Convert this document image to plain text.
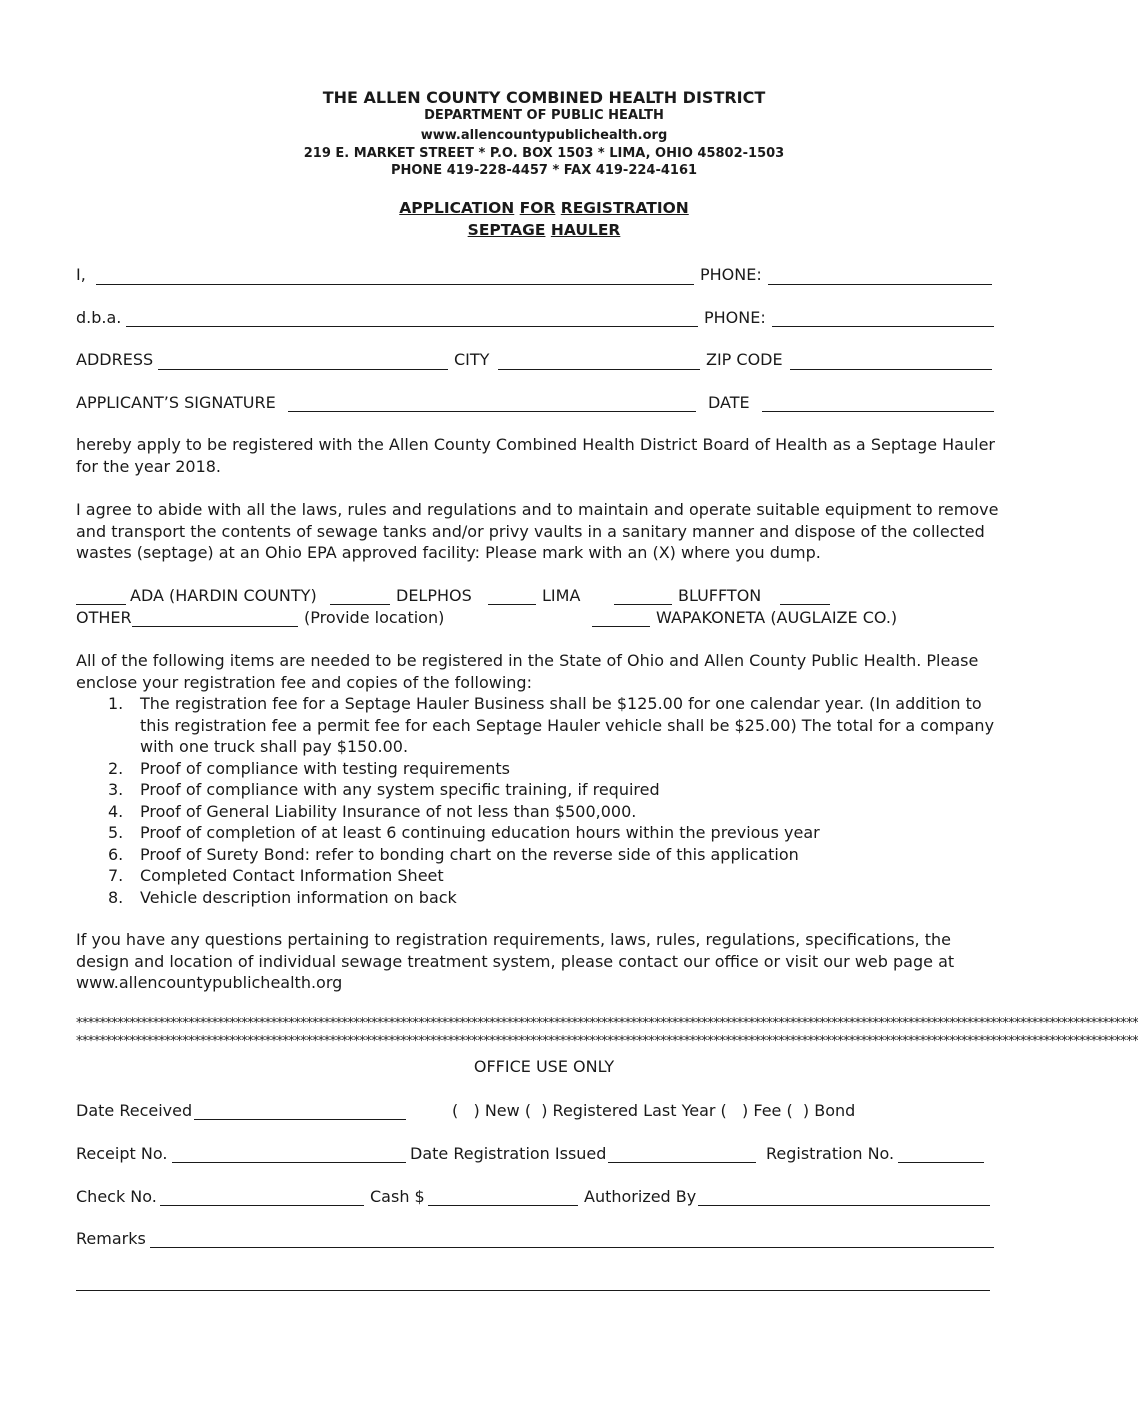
THE ALLEN COUNTY COMBINED HEALTH DISTRICT
DEPARTMENT OF PUBLIC HEALTH
www.allencountypublichealth.org
219 E. MARKET STREET * P.O. BOX 1503 * LIMA, OHIO 45802-1503
PHONE 419-228-4457 * FAX 419-224-4161
APPLICATION FOR REGISTRATION
SEPTAGE HAULER
I,	PHONE:
d.b.a.	PHONE:
ADDRESS	CITY	ZIP CODE
APPLICANT’S SIGNATURE	DATE
hereby apply to be registered with the Allen County Combined Health District Board of Health as a Septage Hauler for the year 2018.
I agree to abide with all the laws, rules and regulations and to maintain and operate suitable equipment to remove and transport the contents of sewage tanks and/or privy vaults in a sanitary manner and dispose of the collected wastes (septage) at an Ohio EPA approved facility: Please mark with an (X) where you dump.
ADA (HARDIN COUNTY)	DELPHOS	LIMA	BLUFFTON
OTHER	(Provide location)	WAPAKONETA (AUGLAIZE CO.)
All of the following items are needed to be registered in the State of Ohio and Allen County Public Health. Please enclose your registration fee and copies of the following:
1. The registration fee for a Septage Hauler Business shall be $125.00 for one calendar year. (In addition to this registration fee a permit fee for each Septage Hauler vehicle shall be $25.00) The total for a company with one truck shall pay $150.00.
2. Proof of compliance with testing requirements
3. Proof of compliance with any system specific training, if required
4. Proof of General Liability Insurance of not less than $500,000.
5. Proof of completion of at least 6 continuing education hours within the previous year
6. Proof of Surety Bond: refer to bonding chart on the reverse side of this application
7. Completed Contact Information Sheet
8. Vehicle description information on back
If you have any questions pertaining to registration requirements, laws, rules, regulations, specifications, the design and location of individual sewage treatment system, please contact our office or visit our web page at www.allencountypublichealth.org
************************************************************************************************************************************************************************************
************************************************************************************************************************************************************************************
OFFICE USE ONLY
Date Received	(   ) New (  ) Registered Last Year (   ) Fee (  ) Bond
Receipt No.	Date Registration Issued	Registration No.
Check No.	Cash $	Authorized By
Remarks
